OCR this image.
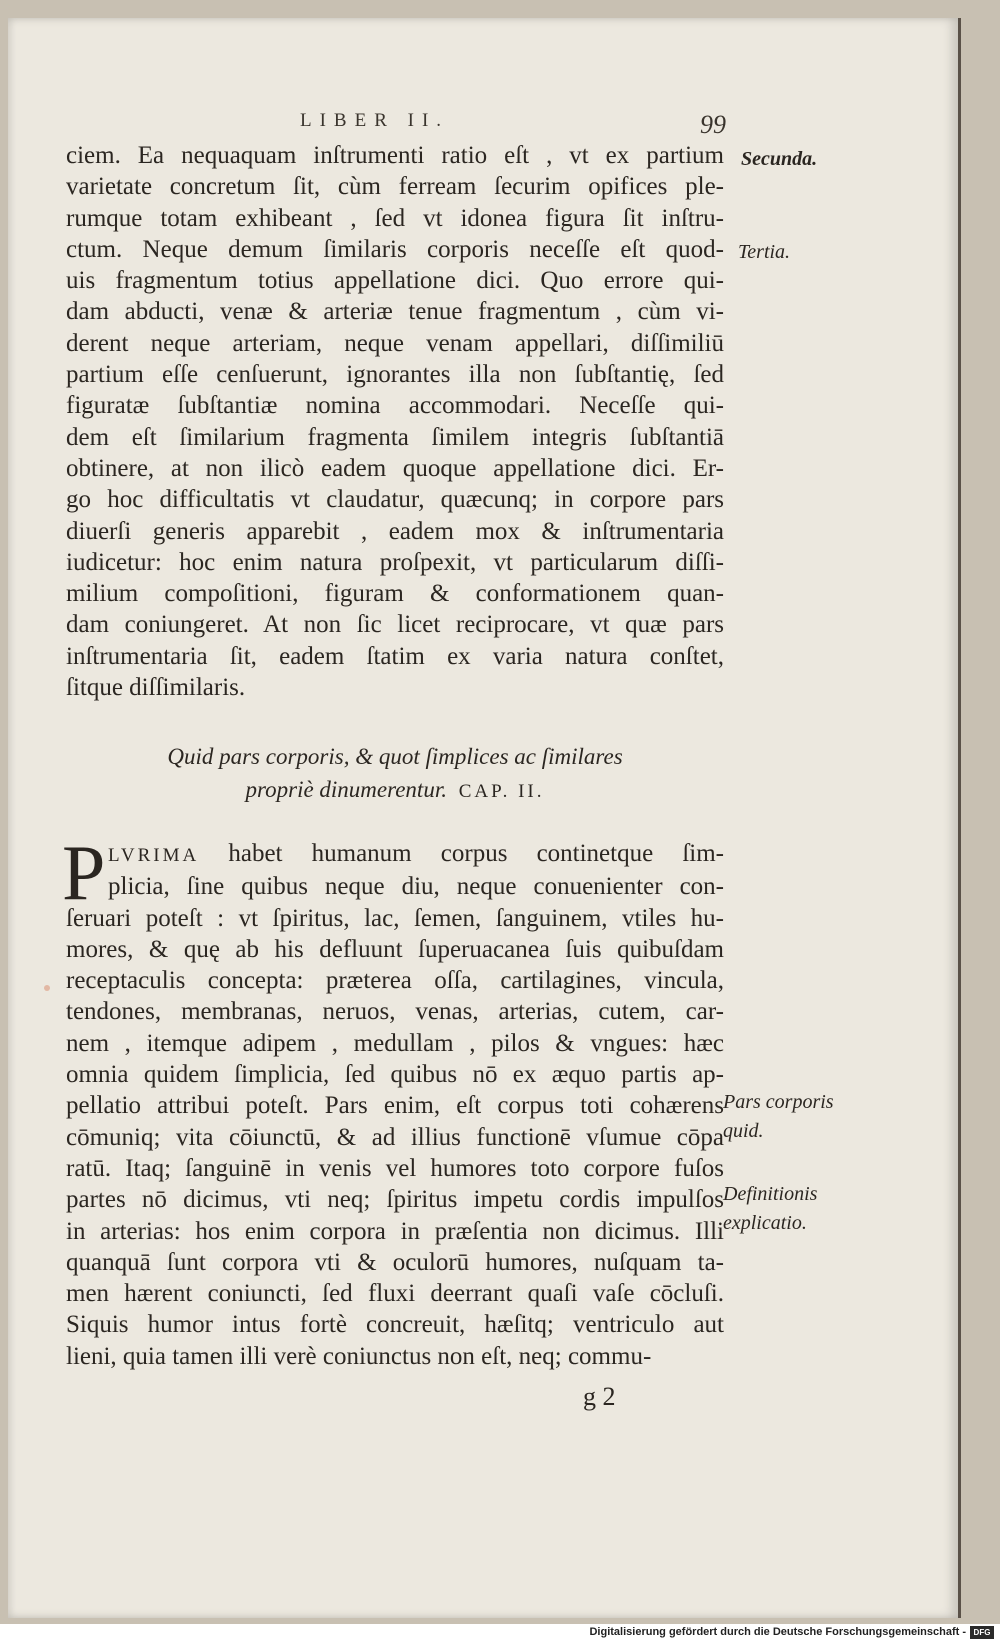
LIBER II.	99
ciem. Ea nequaquam inſtrumenti ratio eſt , vt ex partium
varietate concretum ſit, cùm ferream ſecurim opifices ple-
rumque totam exhibeant , ſed vt idonea figura ſit inſtru-
ctum. Neque demum ſimilaris corporis neceſſe eſt quod-
uis fragmentum totius appellatione dici. Quo errore qui-
dam abducti, venæ & arteriæ tenue fragmentum , cùm vi-
derent neque arteriam, neque venam appellari, diſſimiliū
partium eſſe cenſuerunt, ignorantes illa non ſubſtantię, ſed
figuratæ ſubſtantiæ nomina accommodari. Neceſſe qui-
dem eſt ſimilarium fragmenta ſimilem integris ſubſtantiā
obtinere, at non ilicò eadem quoque appellatione dici. Er-
go hoc difficultatis vt claudatur, quæcunq; in corpore pars
diuerſi generis apparebit , eadem mox & inſtrumentaria
iudicetur: hoc enim natura proſpexit, vt particularum diſſi-
milium compoſitioni, figuram & conformationem quan-
dam coniungeret. At non ſic licet reciprocare, vt quæ pars
inſtrumentaria ſit, eadem ſtatim ex varia natura conſtet,
ſitque diſſimilaris.
Quid pars corporis, & quot ſimplices ac ſimilares
propriè dinumerentur. CAP. II.
P LVRIMA habet humanum corpus continetque ſim-
plicia, ſine quibus neque diu, neque conuenienter con-
ſeruari poteſt : vt ſpiritus, lac, ſemen, ſanguinem, vtiles hu-
mores, & quę ab his defluunt ſuperuacanea ſuis quibuſdam
receptaculis concepta: præterea oſſa, cartilagines, vincula,
tendones, membranas, neruos, venas, arterias, cutem, car-
nem , itemque adipem , medullam , pilos & vngues: hæc
omnia quidem ſimplicia, ſed quibus nō ex æquo partis ap-
pellatio attribui poteſt. Pars enim, eſt corpus toti cohærens
cōmuniq; vita cōiunctū, & ad illius functionē vſumue cōpa
ratū. Itaq; ſanguinē in venis vel humores toto corpore fuſos
partes nō dicimus, vti neq; ſpiritus impetu cordis impulſos
in arterias: hos enim corpora in præſentia non dicimus. Illi
quanquā ſunt corpora vti & oculorū humores, nuſquam ta-
men hærent coniuncti, ſed fluxi deerrant quaſi vaſe cōcluſi.
Siquis humor intus fortè concreuit, hæſitq; ventriculo aut
lieni, quia tamen illi verè coniunctus non eſt, neq; commu-
g 2
Secunda.
Tertia.
Pars corporis
quid.
Definitionis
explicatio.
Digitalisierung gefördert durch die Deutsche Forschungsgemeinschaft - DFG
